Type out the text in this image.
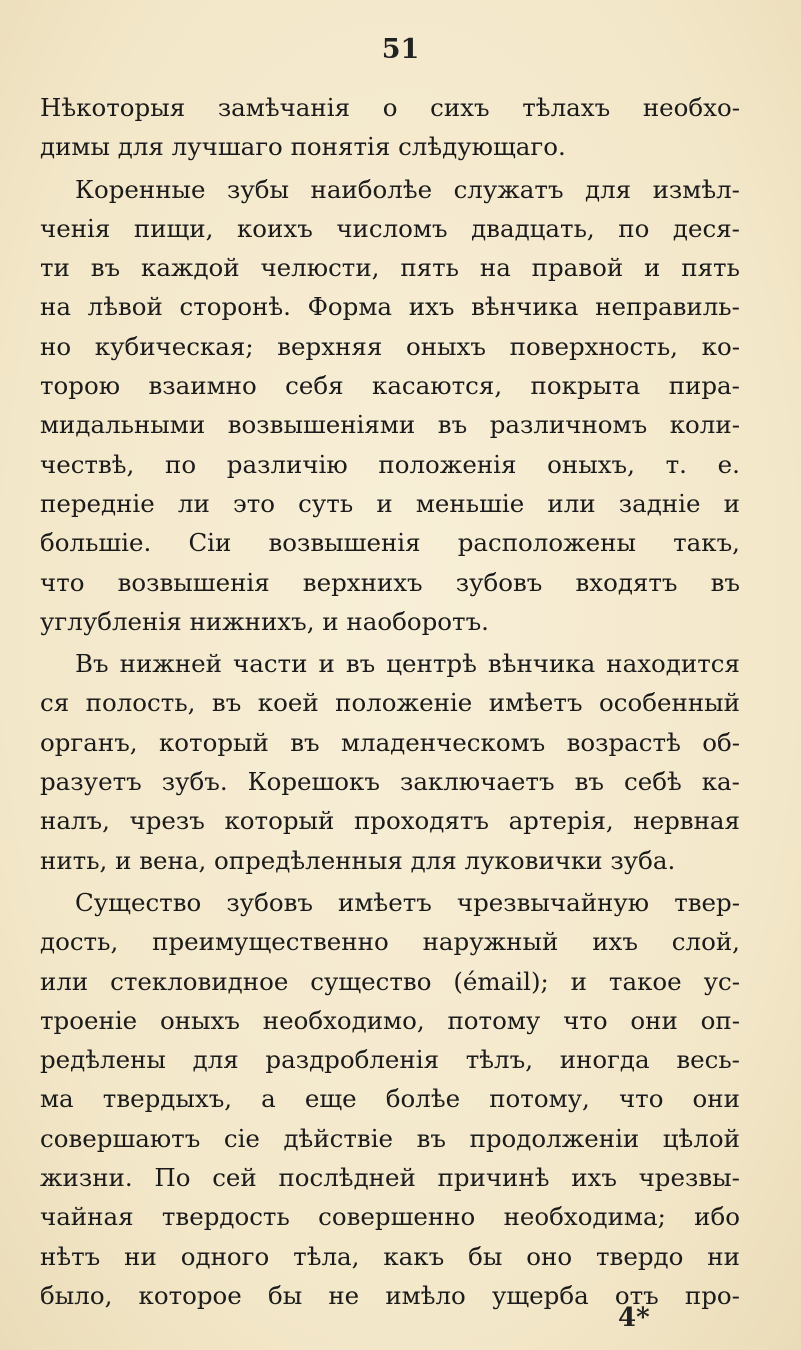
51
Нѣкоторыя замѣчанія о сихъ тѣлахъ необхо-
димы для лучшаго понятія слѣдующаго.
Коренные зубы наиболѣе служатъ для измѣл-
ченія пищи, коихъ числомъ двадцать, по деся-
ти въ каждой челюсти, пять на правой и пять
на лѣвой сторонѣ. Форма ихъ вѣнчика неправиль-
но кубическая; верхняя оныхъ поверхность, ко-
торою взаимно себя касаются, покрыта пира-
мидальными возвышеніями въ различномъ коли-
чествѣ, по различію положенія оныхъ, т. е.
передніе ли это суть и меньшіе или задніе и
большіе. Сіи возвышенія расположены такъ,
что возвышенія верхнихъ зубовъ входятъ въ
углубленія нижнихъ, и наоборотъ.
Въ нижней части и въ центрѣ вѣнчика находится
ся полость, въ коей положеніе имѣетъ особенный
органъ, который въ младенческомъ возрастѣ об-
разуетъ зубъ. Корешокъ заключаетъ въ себѣ ка-
налъ, чрезъ который проходятъ артерія, нервная
нить, и вена, опредѣленныя для луковички зуба.
Существо зубовъ имѣетъ чрезвычайную твер-
дость, преимущественно наружный ихъ слой,
или стекловидное существо (émail); и такое ус-
троеніе оныхъ необходимо, потому что они оп-
редѣлены для раздробленія тѣлъ, иногда весь-
ма твердыхъ, а еще болѣе потому, что они
совершаютъ сіе дѣйствіе въ продолженіи цѣлой
жизни. По сей послѣдней причинѣ ихъ чрезвы-
чайная твердость совершенно необходима; ибо
нѣтъ ни одного тѣла, какъ бы оно твердо ни
было, которое бы не имѣло ущерба отъ про-
4*
